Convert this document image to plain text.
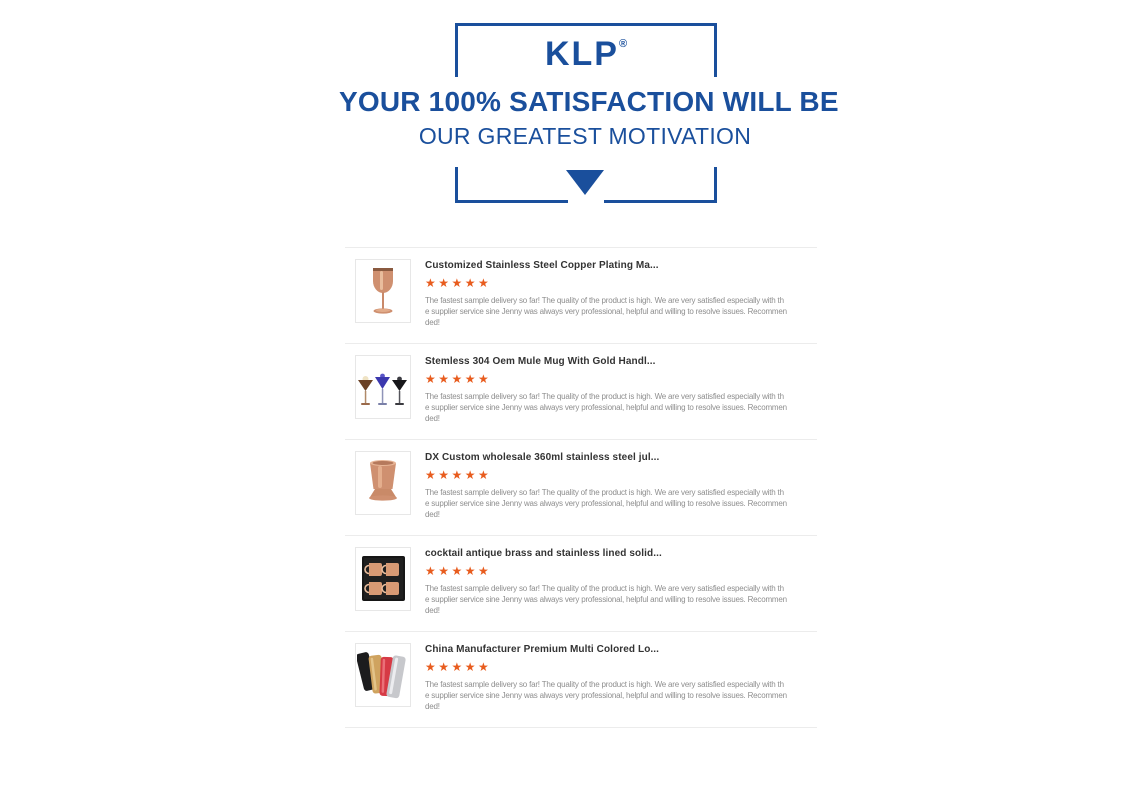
KLP®
YOUR 100% SATISFACTION WILL BE
OUR GREATEST MOTIVATION
Customized Stainless Steel Copper Plating Ma...
★★★★★
The fastest sample delivery so far! The quality of the product is high. We are very satisfied especially with the supplier service sine Jenny was always very professional, helpful and willing to resolve issues. Recommended!
Stemless 304 Oem Mule Mug With Gold Handl...
★★★★★
The fastest sample delivery so far! The quality of the product is high. We are very satisfied especially with the supplier service sine Jenny was always very professional, helpful and willing to resolve issues. Recommended!
DX Custom wholesale 360ml stainless steel jul...
★★★★★
The fastest sample delivery so far! The quality of the product is high. We are very satisfied especially with the supplier service sine Jenny was always very professional, helpful and willing to resolve issues. Recommended!
cocktail antique brass and stainless lined solid...
★★★★★
The fastest sample delivery so far! The quality of the product is high. We are very satisfied especially with the supplier service sine Jenny was always very professional, helpful and willing to resolve issues. Recommended!
China Manufacturer Premium Multi Colored Lo...
★★★★★
The fastest sample delivery so far! The quality of the product is high. We are very satisfied especially with the supplier service sine Jenny was always very professional, helpful and willing to resolve issues. Recommended!
